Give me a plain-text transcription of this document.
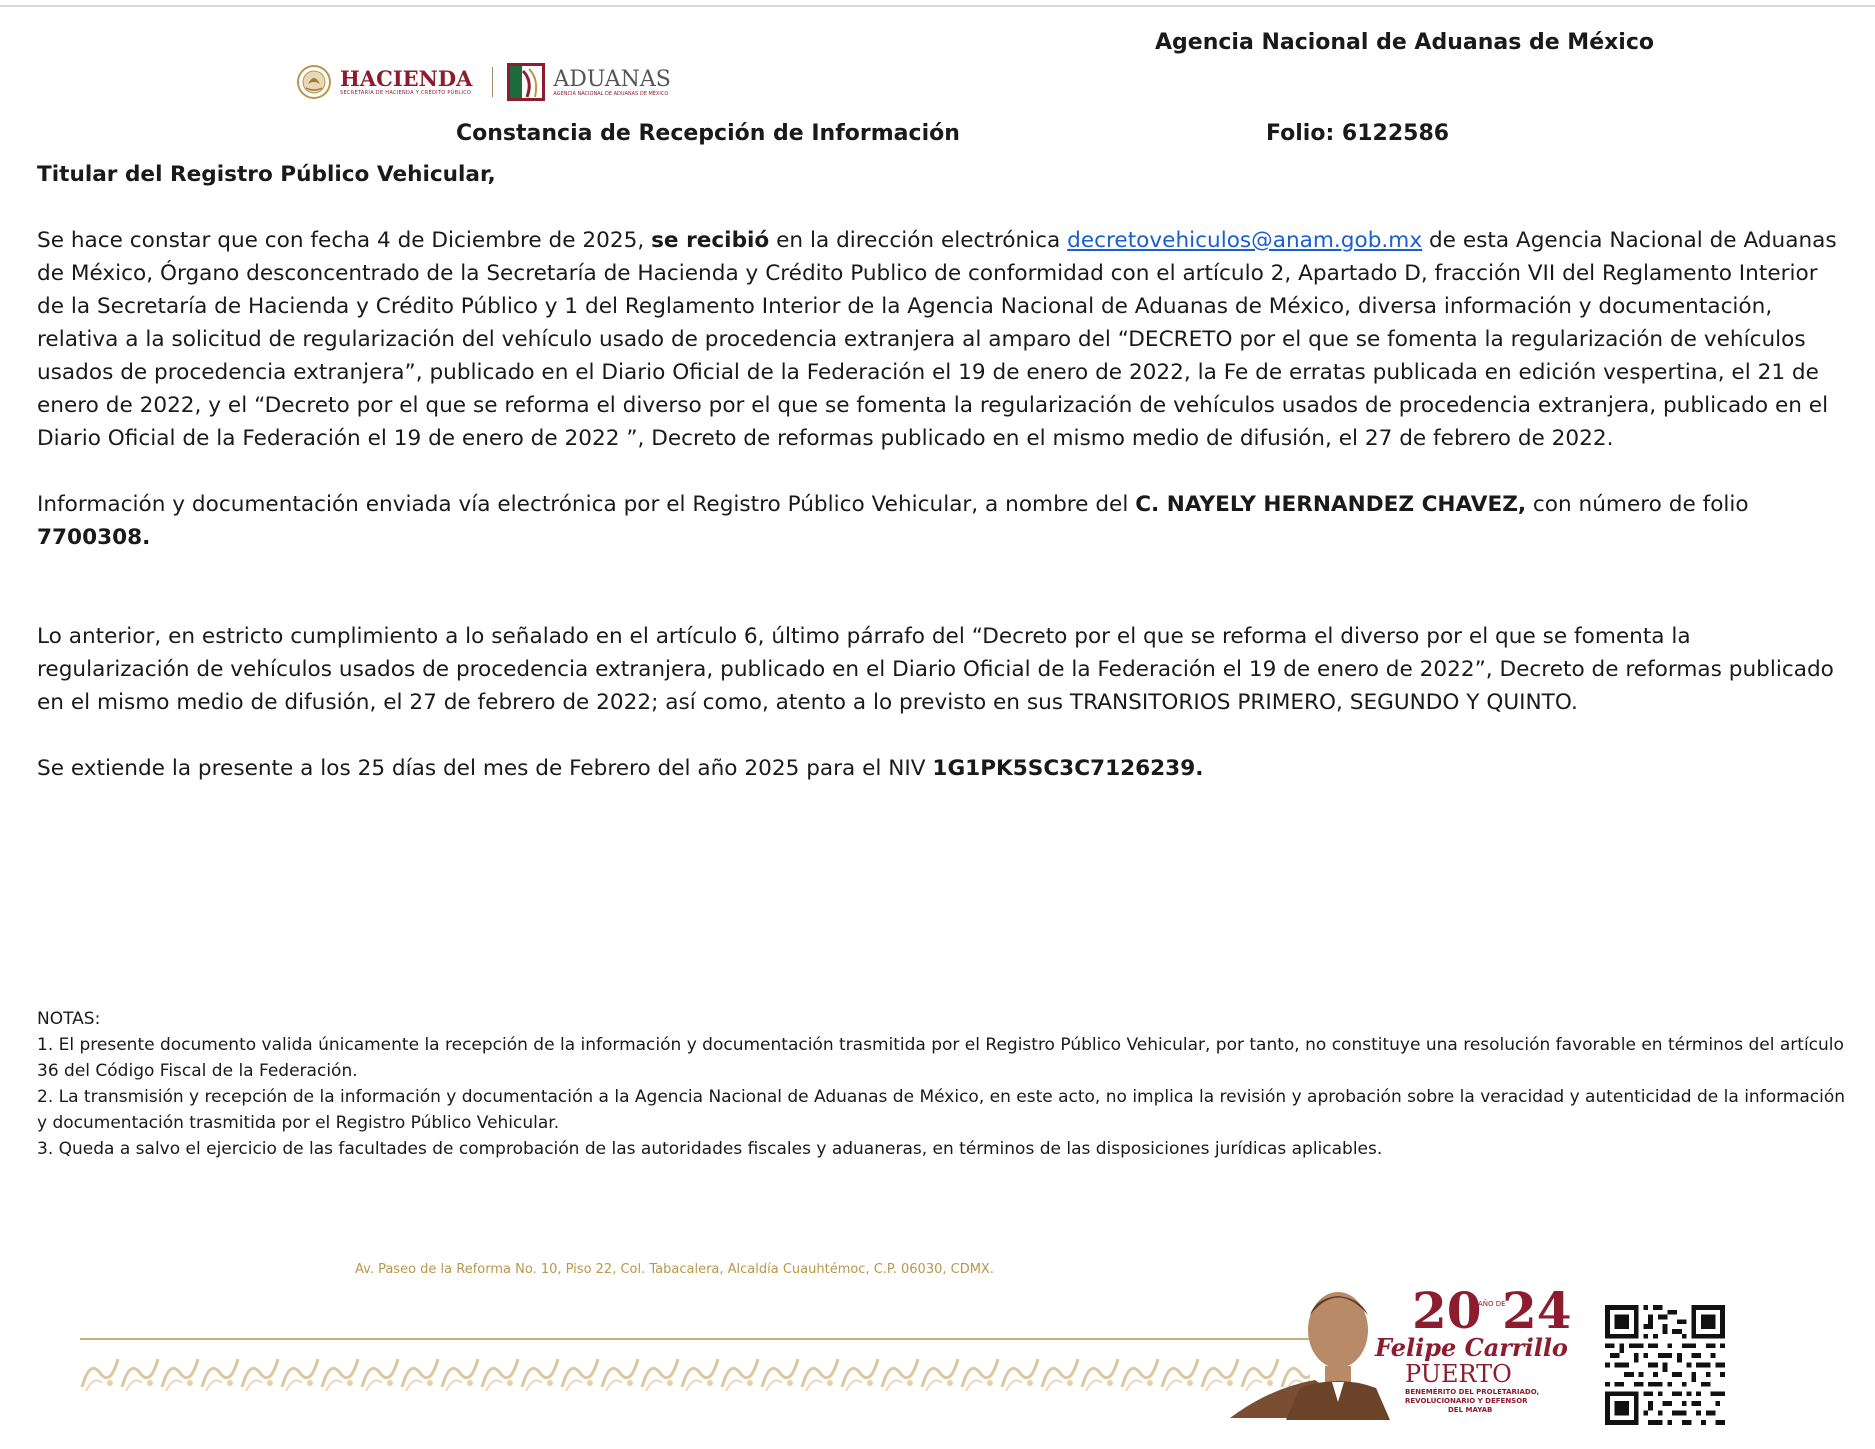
Agencia Nacional de Aduanas de México
HACIENDA
SECRETARÍA DE HACIENDA Y CRÉDITO PÚBLICO
ADUANAS
AGENCIA NACIONAL DE ADUANAS DE MÉXICO
Constancia de Recepción de Información	Folio: 6122586

Titular del Registro Público Vehicular,

Se hace constar que con fecha 4 de Diciembre de 2025, se recibió en la dirección electrónica decretovehiculos@anam.gob.mx de esta Agencia Nacional de Aduanas de México, Órgano desconcentrado de la Secretaría de Hacienda y Crédito Publico de conformidad con el artículo 2, Apartado D, fracción VII del Reglamento Interior de la Secretaría de Hacienda y Crédito Público y 1 del Reglamento Interior de la Agencia Nacional de Aduanas de México, diversa información y documentación, relativa a la solicitud de regularización del vehículo usado de procedencia extranjera al amparo del “DECRETO por el que se fomenta la regularización de vehículos usados de procedencia extranjera”, publicado en el Diario Oficial de la Federación el 19 de enero de 2022, la Fe de erratas publicada en edición vespertina, el 21 de enero de 2022, y el “Decreto por el que se reforma el diverso por el que se fomenta la regularización de vehículos usados de procedencia extranjera, publicado en el Diario Oficial de la Federación el 19 de enero de 2022 ”, Decreto de reformas publicado en el mismo medio de difusión, el 27 de febrero de 2022.

Información y documentación enviada vía electrónica por el Registro Público Vehicular, a nombre del C. NAYELY HERNANDEZ CHAVEZ, con número de folio 7700308.

Lo anterior, en estricto cumplimiento a lo señalado en el artículo 6, último párrafo del “Decreto por el que se reforma el diverso por el que se fomenta la regularización de vehículos usados de procedencia extranjera, publicado en el Diario Oficial de la Federación el 19 de enero de 2022”, Decreto de reformas publicado en el mismo medio de difusión, el 27 de febrero de 2022; así como, atento a lo previsto en sus TRANSITORIOS PRIMERO, SEGUNDO Y QUINTO.

Se extiende la presente a los 25 días del mes de Febrero del año 2025 para el NIV 1G1PK5SC3C7126239.

NOTAS:
1. El presente documento valida únicamente la recepción de la información y documentación trasmitida por el Registro Público Vehicular, por tanto, no constituye una resolución favorable en términos del artículo 36 del Código Fiscal de la Federación.
2. La transmisión y recepción de la información y documentación a la Agencia Nacional de Aduanas de México, en este acto, no implica la revisión y aprobación sobre la veracidad y autenticidad de la información y documentación trasmitida por el Registro Público Vehicular.
3. Queda a salvo el ejercicio de las facultades de comprobación de las autoridades fiscales y aduaneras, en términos de las disposiciones jurídicas aplicables.
Av. Paseo de la Reforma No. 10, Piso 22, Col. Tabacalera, Alcaldía Cuauhtémoc, C.P. 06030, CDMX.
20 24
AÑO DE
Felipe Carrillo
PUERTO
BENEMÉRITO DEL PROLETARIADO,
REVOLUCIONARIO Y DEFENSOR
DEL MAYAB
